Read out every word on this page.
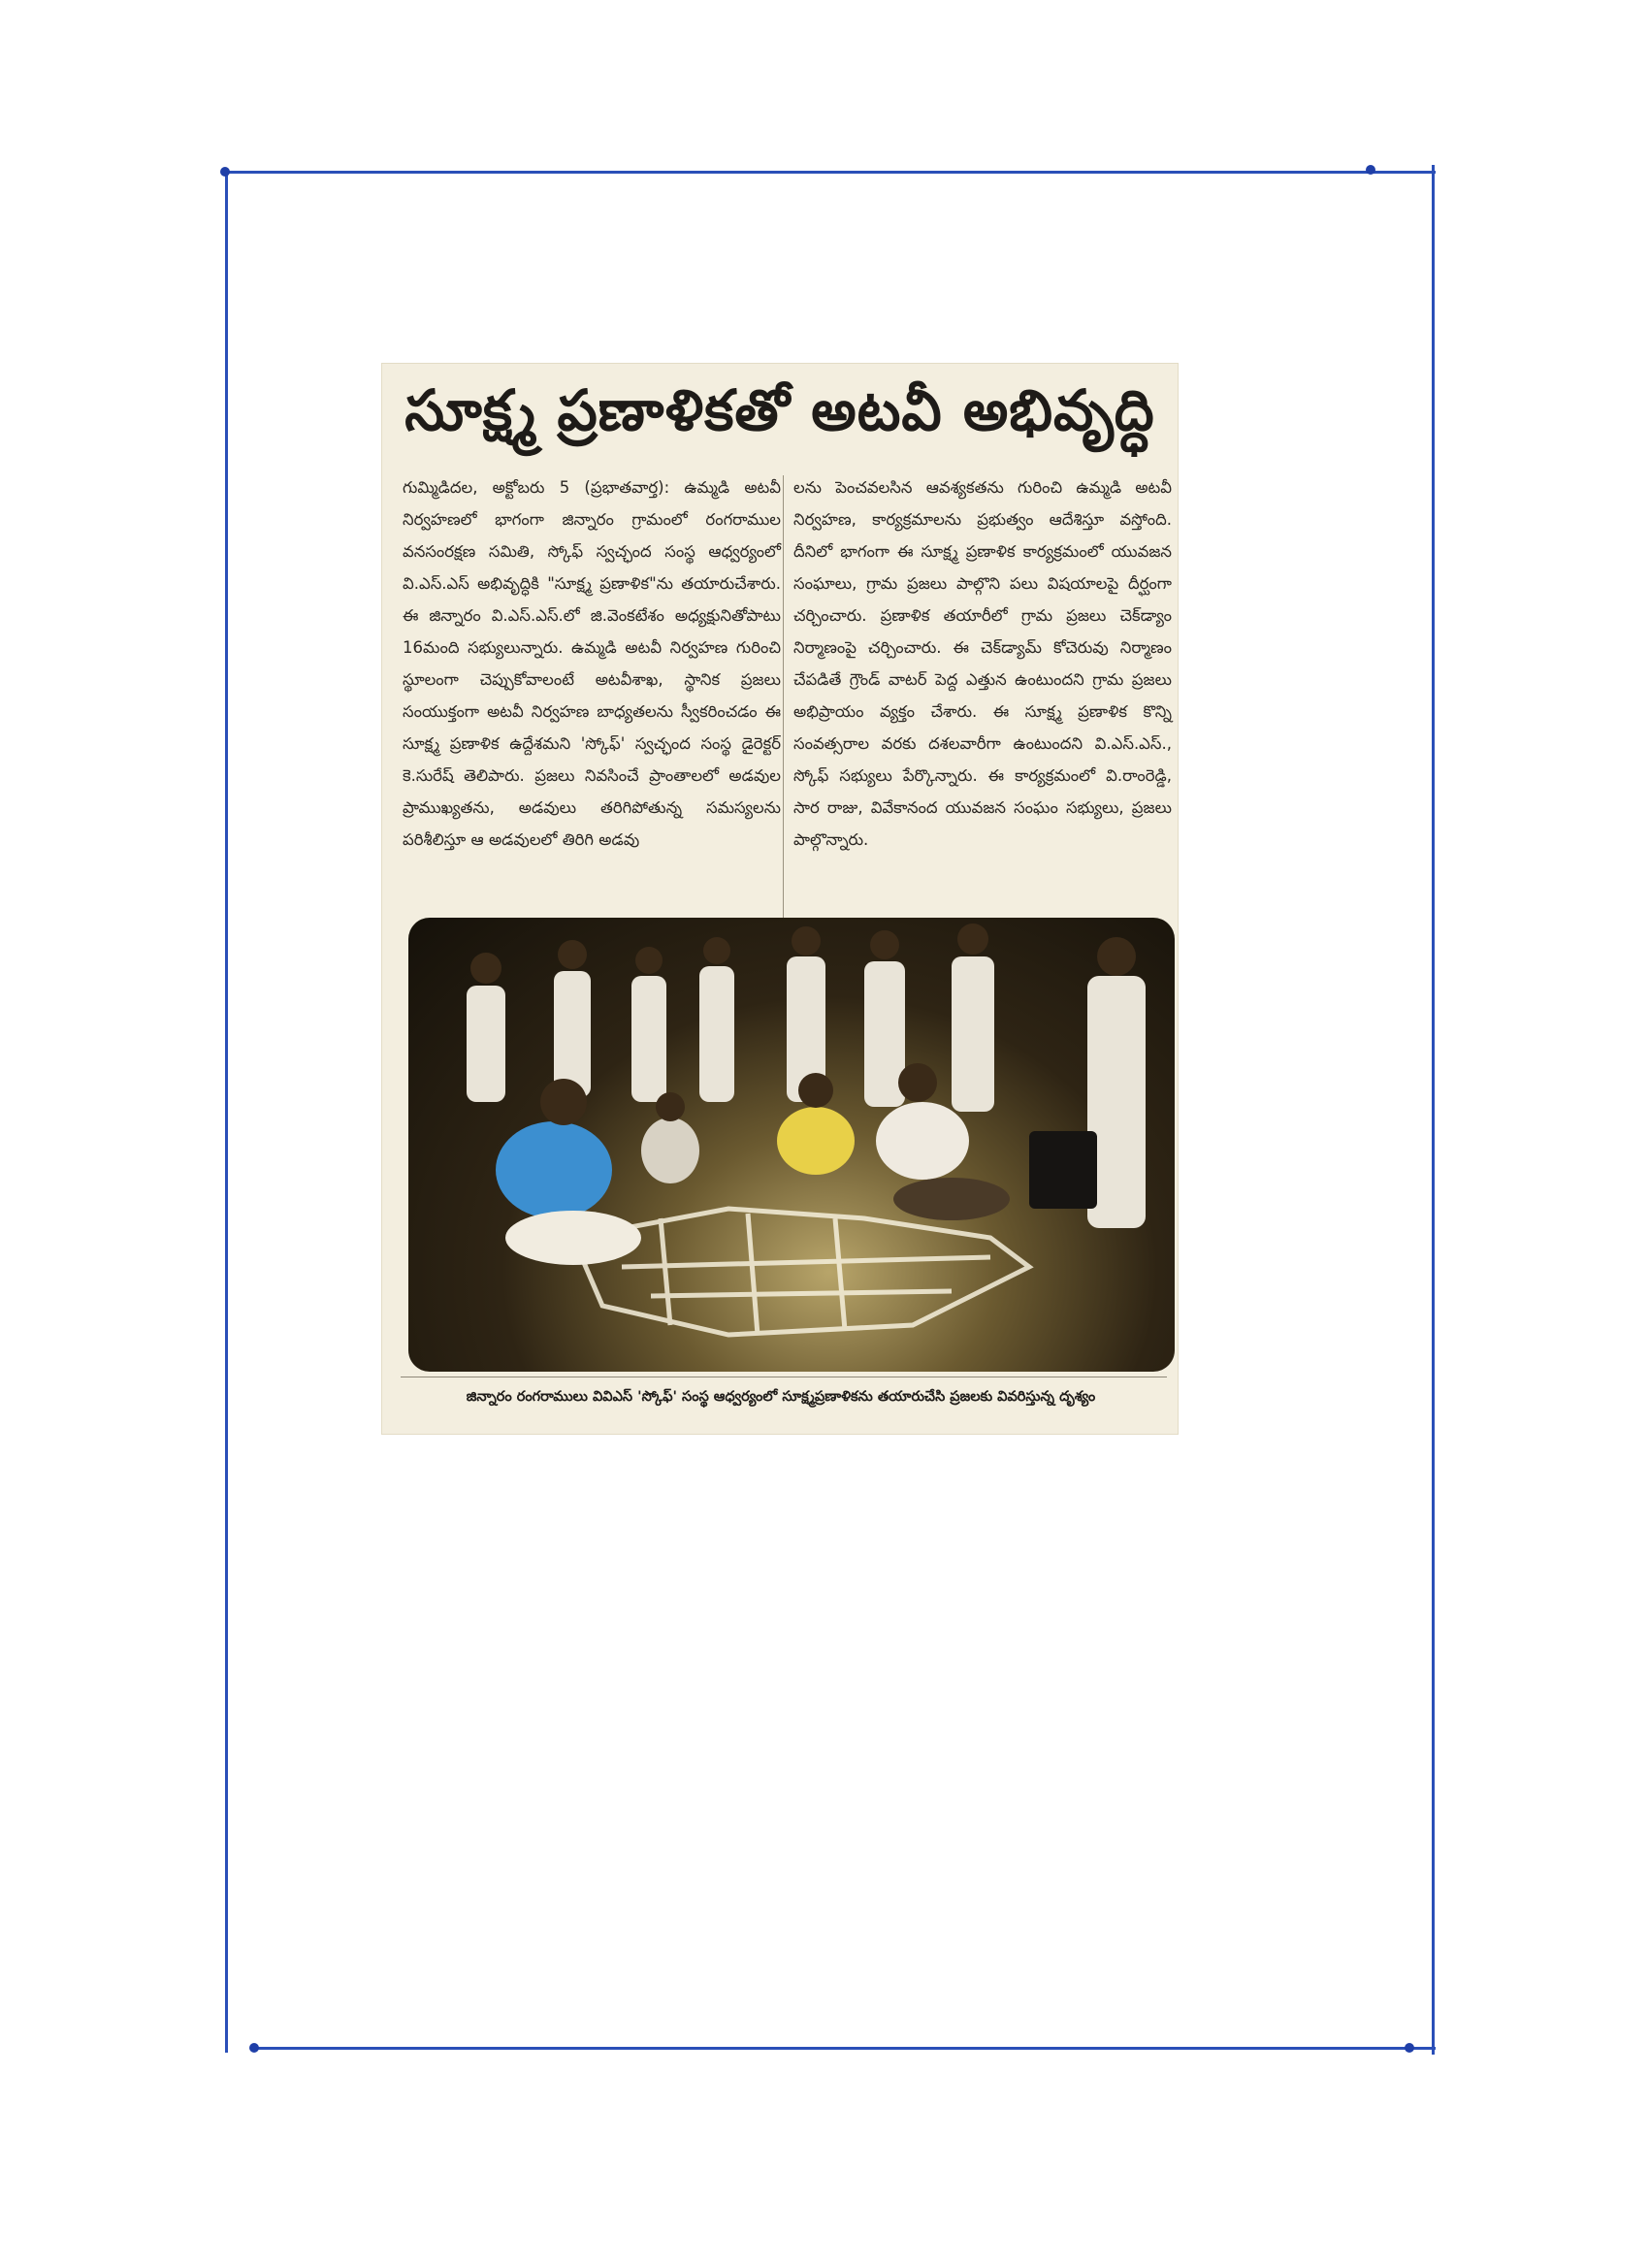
సూక్ష్మ ప్రణాళికతో అటవీ అభివృద్ధి
గుమ్మిడిదల, అక్టోబరు 5 (ప్రభాతవార్త): ఉమ్మడి అటవీ నిర్వహణలో భాగంగా జిన్నారం గ్రామంలో రంగరాముల వనసంరక్షణ సమితి, స్కోఫ్ స్వచ్ఛంద సంస్థ ఆధ్వర్యంలో వి.ఎస్.ఎస్ అభివృద్ధికి "సూక్ష్మ ప్రణాళిక"ను తయారుచేశారు. ఈ జిన్నారం వి.ఎస్.ఎస్.లో జి.వెంకటేశం అధ్యక్షునితోపాటు 16మంది సభ్యులున్నారు. ఉమ్మడి అటవీ నిర్వహణ గురించి స్థూలంగా చెప్పుకోవాలంటే అటవీశాఖ, స్థానిక ప్రజలు సంయుక్తంగా అటవీ నిర్వహణ బాధ్యతలను స్వీకరించడం ఈ సూక్ష్మ ప్రణాళిక ఉద్దేశమని 'స్కోఫ్' స్వచ్ఛంద సంస్థ డైరెక్టర్ కె.సురేష్ తెలిపారు. ప్రజలు నివసించే ప్రాంతాలలో అడవుల ప్రాముఖ్యతను, అడవులు తరిగిపోతున్న సమస్యలను పరిశీలిస్తూ ఆ అడవులలో తిరిగి అడవు
లను పెంచవలసిన ఆవశ్యకతను గురించి ఉమ్మడి అటవీ నిర్వహణ, కార్యక్రమాలను ప్రభుత్వం ఆదేశిస్తూ వస్తోంది. దీనిలో భాగంగా ఈ సూక్ష్మ ప్రణాళిక కార్యక్రమంలో యువజన సంఘాలు, గ్రామ ప్రజలు పాల్గొని పలు విషయాలపై దీర్ఘంగా చర్చించారు. ప్రణాళిక తయారీలో గ్రామ ప్రజలు చెక్‌డ్యాం నిర్మాణంపై చర్చించారు. ఈ చెక్‌డ్యామ్ కోచెరువు నిర్మాణం చేపడితే గ్రౌండ్ వాటర్ పెద్ద ఎత్తున ఉంటుందని గ్రామ ప్రజలు అభిప్రాయం వ్యక్తం చేశారు. ఈ సూక్ష్మ ప్రణాళిక కొన్ని సంవత్సరాల వరకు దశలవారీగా ఉంటుందని వి.ఎస్.ఎస్., స్కోఫ్ సభ్యులు పేర్కొన్నారు. ఈ కార్యక్రమంలో వి.రాంరెడ్డి, సార రాజు, వివేకానంద యువజన సంఘం సభ్యులు, ప్రజలు పాల్గొన్నారు.
జిన్నారం రంగరాములు వివిఎస్ 'స్కోఫ్' సంస్థ ఆధ్వర్యంలో సూక్ష్మప్రణాళికను తయారుచేసి ప్రజలకు వివరిస్తున్న దృశ్యం
